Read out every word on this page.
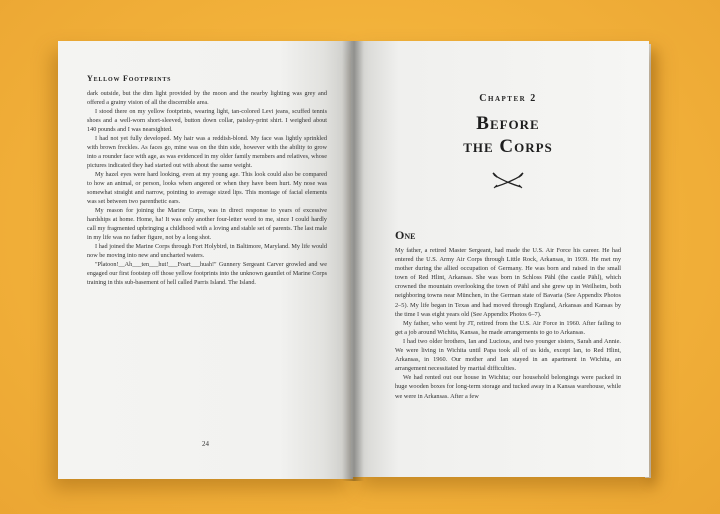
Yellow Footprints

dark outside, but the dim light provided by the moon and the nearby lighting was grey and offered a grainy vision of all the discernible area.

I stood there on my yellow footprints, wearing light, tan-colored Levi jeans, scuffed tennis shoes and a well-worn short-sleeved, button down collar, paisley-print shirt. I weighed about 140 pounds and I was nearsighted.

I had not yet fully developed. My hair was a reddish-blond. My face was lightly sprinkled with brown freckles. As faces go, mine was on the thin side, however with the ability to grow into a rounder face with age, as was evidenced in my older family members and relatives, whose pictures indicated they had started out with about the same weight.

My hazel eyes were hard looking, even at my young age. This look could also be compared to how an animal, or person, looks when angered or when they have been hurt. My nose was somewhat straight and narrow, pointing to average sized lips. This montage of facial elements was set between two parenthetic ears.

My reason for joining the Marine Corps, was in direct response to years of excessive hardships at home. Home, ha! It was only another four-letter word to me, since I could hardly call my fragmented upbringing a childhood with a loving and stable set of parents. The last male in my life was no father figure, not by a long shot.

I had joined the Marine Corps through Fort Holybird, in Baltimore, Maryland. My life would now be moving into new and uncharted waters.

"Platoon!__Ah___ten___hut!___Foart___huah!" Gunnery Sergeant Carver growled and we engaged our first footstep off those yellow footprints into the unknown gauntlet of Marine Corps training in this sub-basement of hell called Parris Island. The Island.

24
Chapter 2
Before
the Corps
One

My father, a retired Master Sergeant, had made the U.S. Air Force his career. He had entered the U.S. Army Air Corps through Little Rock, Arkansas, in 1939. He met my mother during the allied occupation of Germany. He was born and raised in the small town of Red Hlint, Arkansas. She was born in Schloss Pähl (the castle Pähl), which crowned the mountain overlooking the town of Pähl and she grew up in Weilheim, both neighboring towns near München, in the German state of Bavaria (See Appendix Photos 2–5). My life began in Texas and had moved through England, Arkansas and Kansas by the time I was eight years old (See Appendix Photos 6–7).

My father, who went by JT, retired from the U.S. Air Force in 1960. After failing to get a job around Wichita, Kansas, he made arrangements to go to Arkansas.

I had two older brothers, Ian and Lucious, and two younger sisters, Sarah and Annie. We were living in Wichita until Papa took all of us kids, except Ian, to Red Hlint, Arkansas, in 1960. Our mother and Ian stayed in an apartment in Wichita, an arrangement necessitated by marital difficulties.

We had rented out our house in Wichita; our household belongings were packed in huge wooden boxes for long-term storage and tucked away in a Kansas warehouse, while we were in Arkansas. After a few
